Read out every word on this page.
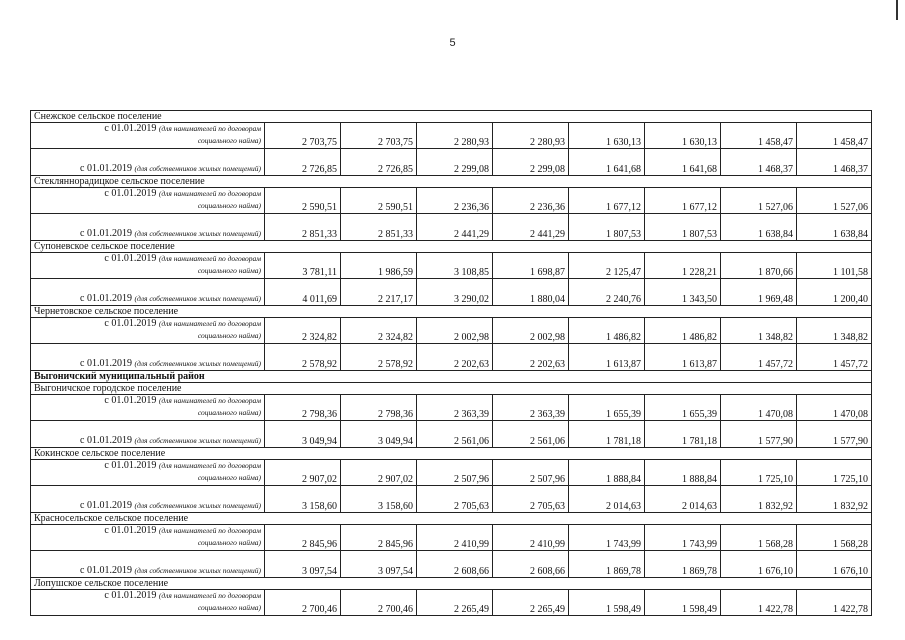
5
Снежское сельское поселение								

с 01.01.2019 (для нанимателей по договорам
социального найма)	2 703,75	2 703,75	2 280,93	2 280,93	1 630,13	1 630,13	1 458,47	1 458,47
с 01.01.2019 (для собственников жилых помещений)	2 726,85	2 726,85	2 299,08	2 299,08	1 641,68	1 641,68	1 468,37	1 468,37
Стекляннорадицкое сельское поселение								

с 01.01.2019 (для нанимателей по договорам
социального найма)	2 590,51	2 590,51	2 236,36	2 236,36	1 677,12	1 677,12	1 527,06	1 527,06
с 01.01.2019 (для собственников жилых помещений)	2 851,33	2 851,33	2 441,29	2 441,29	1 807,53	1 807,53	1 638,84	1 638,84
Супоневское сельское поселение								

с 01.01.2019 (для нанимателей по договорам
социального найма)	3 781,11	1 986,59	3 108,85	1 698,87	2 125,47	1 228,21	1 870,66	1 101,58
с 01.01.2019 (для собственников жилых помещений)	4 011,69	2 217,17	3 290,02	1 880,04	2 240,76	1 343,50	1 969,48	1 200,40
Чернетовское сельское поселение								

с 01.01.2019 (для нанимателей по договорам
социального найма)	2 324,82	2 324,82	2 002,98	2 002,98	1 486,82	1 486,82	1 348,82	1 348,82
с 01.01.2019 (для собственников жилых помещений)	2 578,92	2 578,92	2 202,63	2 202,63	1 613,87	1 613,87	1 457,72	1 457,72
Выгоничский муниципальный район								
Выгоничское городское поселение								

с 01.01.2019 (для нанимателей по договорам
социального найма)	2 798,36	2 798,36	2 363,39	2 363,39	1 655,39	1 655,39	1 470,08	1 470,08
с 01.01.2019 (для собственников жилых помещений)	3 049,94	3 049,94	2 561,06	2 561,06	1 781,18	1 781,18	1 577,90	1 577,90
Кокинское сельское поселение								

с 01.01.2019 (для нанимателей по договорам
социального найма)	2 907,02	2 907,02	2 507,96	2 507,96	1 888,84	1 888,84	1 725,10	1 725,10
с 01.01.2019 (для собственников жилых помещений)	3 158,60	3 158,60	2 705,63	2 705,63	2 014,63	2 014,63	1 832,92	1 832,92
Красносельское сельское поселение								

с 01.01.2019 (для нанимателей по договорам
социального найма)	2 845,96	2 845,96	2 410,99	2 410,99	1 743,99	1 743,99	1 568,28	1 568,28
с 01.01.2019 (для собственников жилых помещений)	3 097,54	3 097,54	2 608,66	2 608,66	1 869,78	1 869,78	1 676,10	1 676,10
Лопушское сельское поселение								

с 01.01.2019 (для нанимателей по договорам
социального найма)	2 700,46	2 700,46	2 265,49	2 265,49	1 598,49	1 598,49	1 422,78	1 422,78
